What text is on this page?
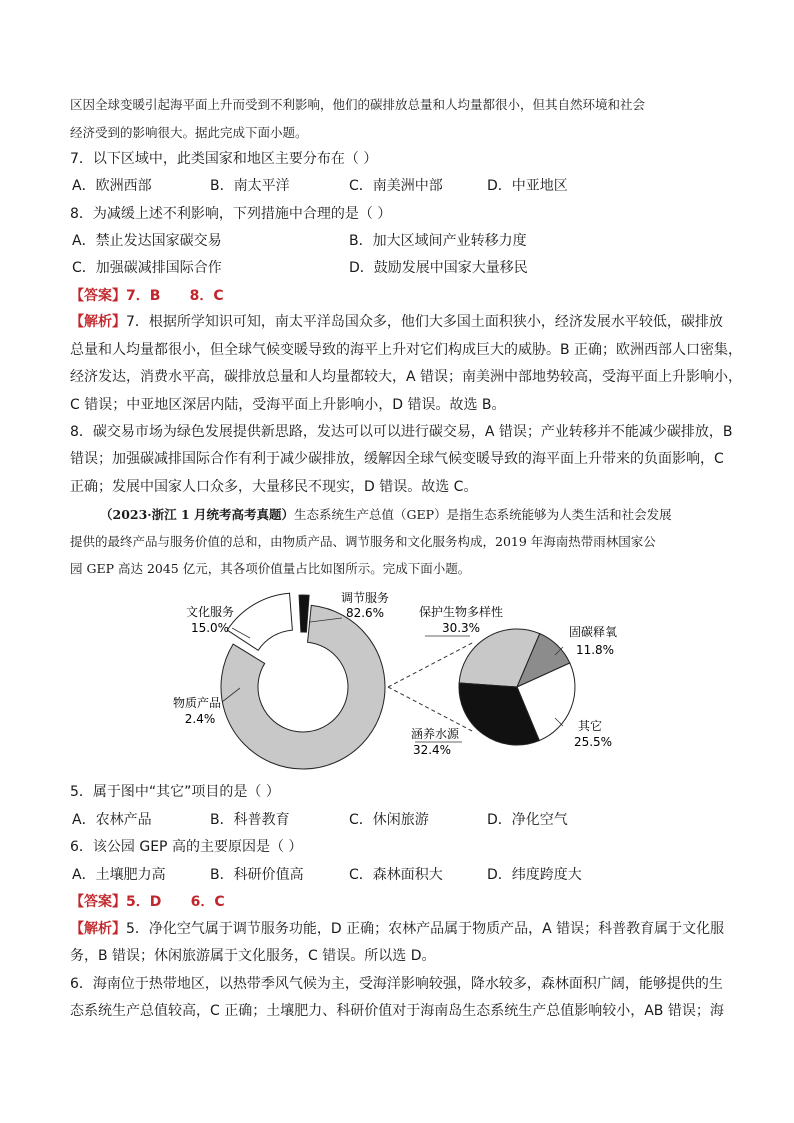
区因全球变暖引起海平面上升而受到不利影响，他们的碳排放总量和人均量都很小，但其自然环境和社会
经济受到的影响很大。据此完成下面小题。
7．以下区域中，此类国家和地区主要分布在（ ）
A．欧洲西部	B．南太平洋	C．南美洲中部	D．中亚地区
8．为减缓上述不利影响，下列措施中合理的是（ ）
A．禁止发达国家碳交易	B．加大区域间产业转移力度
C．加强碳减排国际合作	D．鼓励发展中国家大量移民
【答案】7．B      8．C
【解析】7．根据所学知识可知，南太平洋岛国众多，他们大多国土面积狭小，经济发展水平较低，碳排放
总量和人均量都很小，但全球气候变暖导致的海平上升对它们构成巨大的威胁。B 正确；欧洲西部人口密集，
经济发达，消费水平高，碳排放总量和人均量都较大，A 错误；南美洲中部地势较高，受海平面上升影响小，
C 错误；中亚地区深居内陆，受海平面上升影响小，D 错误。故选 B。
8．碳交易市场为绿色发展提供新思路，发达可以可以进行碳交易，A 错误；产业转移并不能减少碳排放，B
错误；加强碳减排国际合作有利于减少碳排放，缓解因全球气候变暖导致的海平面上升带来的负面影响，C
正确；发展中国家人口众多，大量移民不现实，D 错误。故选 C。
（2023·浙江 1 月统考高考真题）生态系统生产总值（GEP）是指生态系统能够为人类生活和社会发展
提供的最终产品与服务价值的总和，由物质产品、调节服务和文化服务构成，2019 年海南热带雨林国家公
园 GEP 高达 2045 亿元，其各项价值量占比如图所示。完成下面小题。
调节服务
82.6%
文化服务
15.0%
物质产品
2.4%
保护生物多样性
30.3%	固碳释氧
11.8%
其它
25.5%
涵养水源
32.4%
5．属于图中“其它”项目的是（ ）
A．农林产品	B．科普教育	C．休闲旅游	D．净化空气
6．该公园 GEP 高的主要原因是（ ）
A．土壤肥力高	B．科研价值高	C．森林面积大	D．纬度跨度大
【答案】5．D      6．C
【解析】5．净化空气属于调节服务功能，D 正确；农林产品属于物质产品，A 错误；科普教育属于文化服
务，B 错误；休闲旅游属于文化服务，C 错误。所以选 D。
6．海南位于热带地区，以热带季风气候为主，受海洋影响较强，降水较多，森林面积广阔，能够提供的生
态系统生产总值较高，C 正确；土壤肥力、科研价值对于海南岛生态系统生产总值影响较小，AB 错误；海
